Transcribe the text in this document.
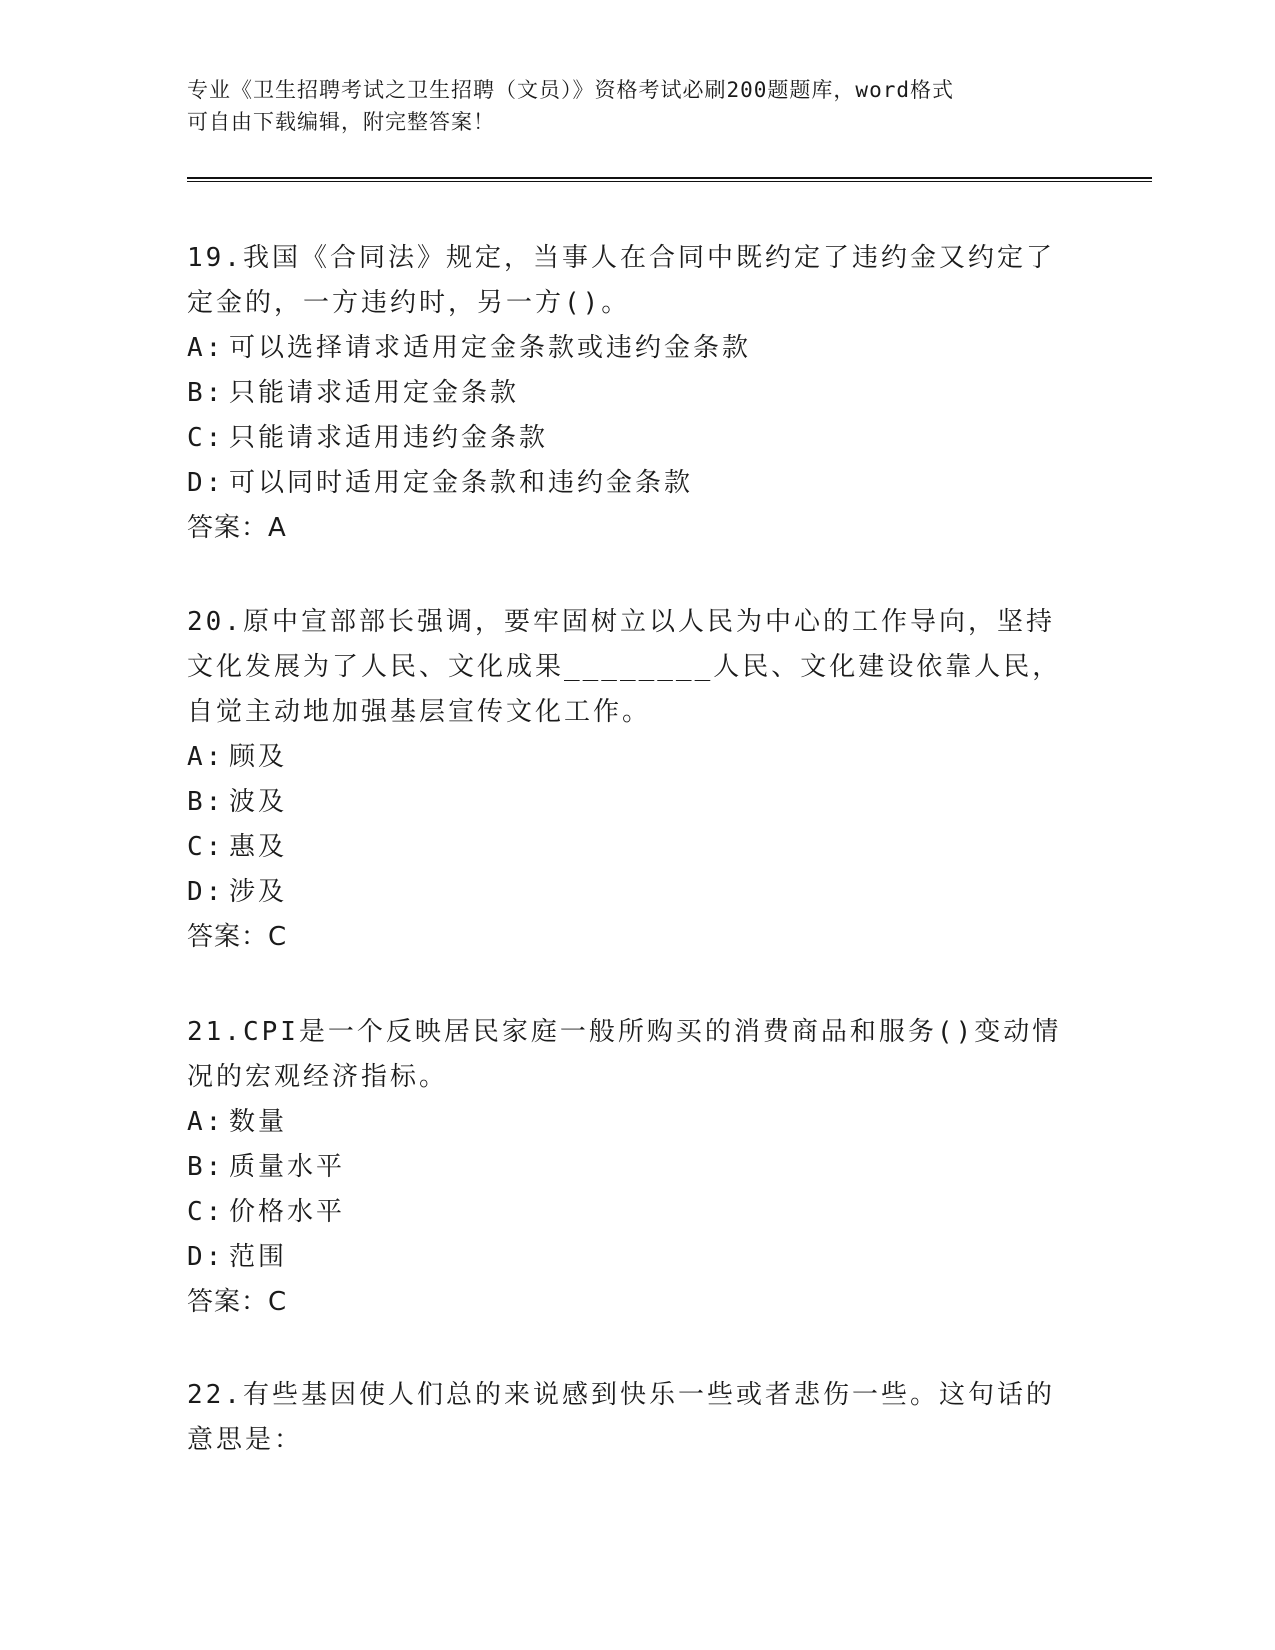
专业《卫生招聘考试之卫生招聘（文员）》资格考试必刷200题题库，word格式
可自由下载编辑，附完整答案！

19.我国《合同法》规定，当事人在合同中既约定了违约金又约定了定金的，一方违约时，另一方()。

A: 可以选择请求适用定金条款或违约金条款

B: 只能请求适用定金条款

C: 只能请求适用违约金条款

D: 可以同时适用定金条款和违约金条款

答案：A

20.原中宣部部长强调，要牢固树立以人民为中心的工作导向，坚持文化发展为了人民、文化成果________人民、文化建设依靠人民，自觉主动地加强基层宣传文化工作。

A: 顾及

B: 波及

C: 惠及

D: 涉及

答案：C

21.CPI是一个反映居民家庭一般所购买的消费商品和服务()变动情况的宏观经济指标。

A: 数量

B: 质量水平

C: 价格水平

D: 范围

答案：C

22.有些基因使人们总的来说感到快乐一些或者悲伤一些。这句话的意思是：
